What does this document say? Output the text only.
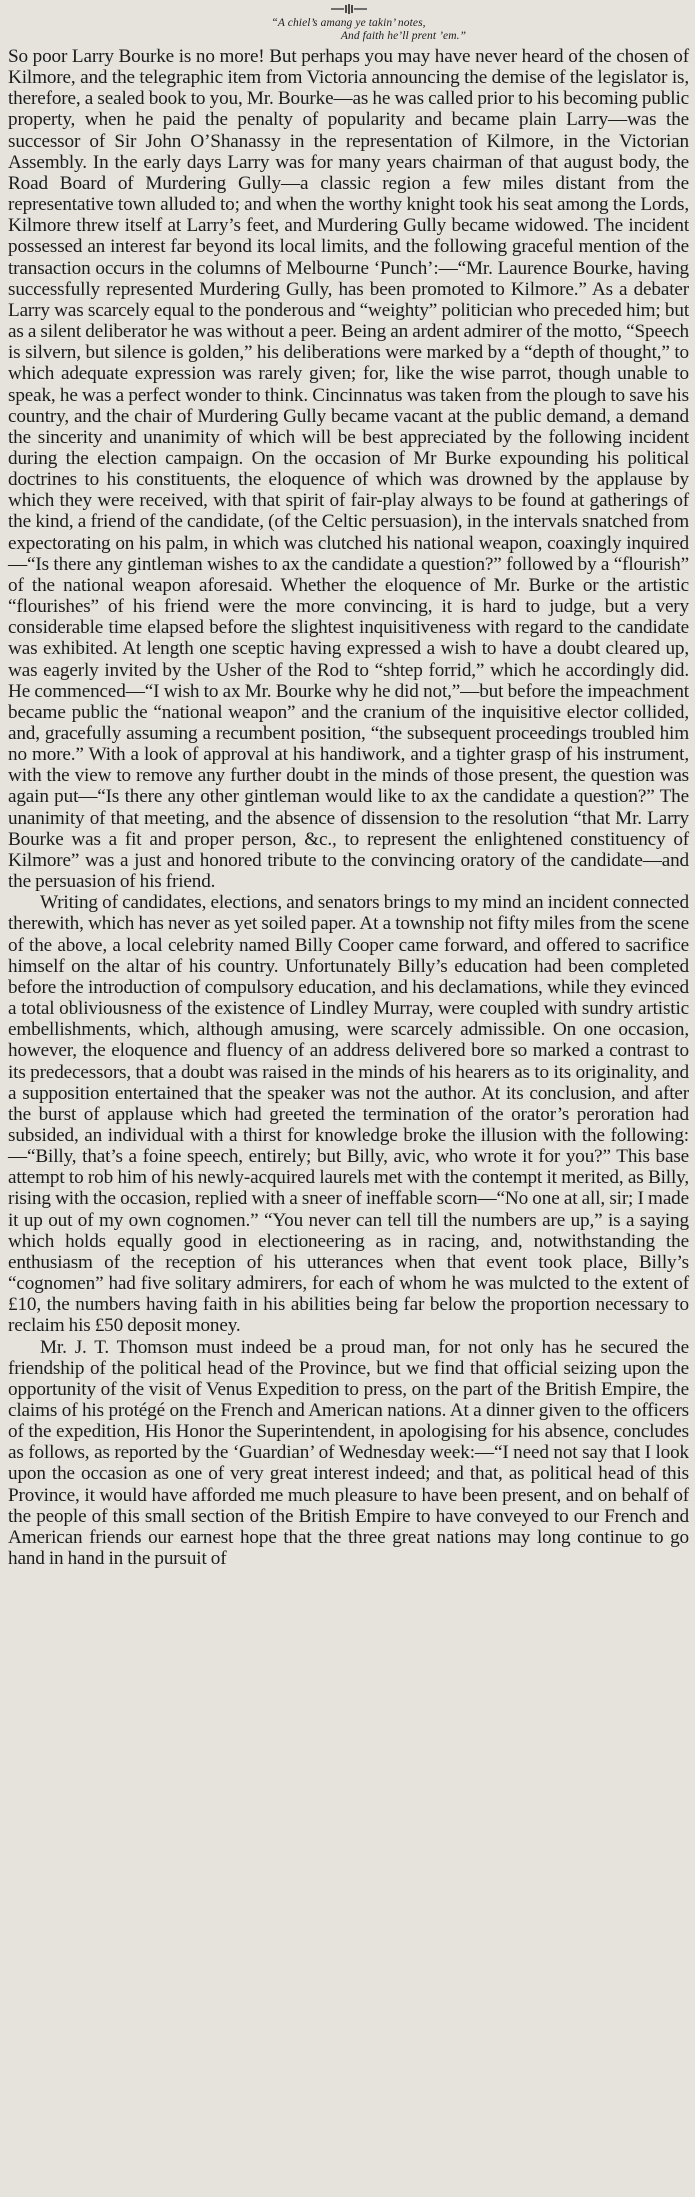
“A chiel’s amang ye takin’ notes,
And faith he’ll prent ’em.”

So poor Larry Bourke is no more! But perhaps you may have never heard of the chosen of Kilmore, and the telegraphic item from Victoria announcing the demise of the legislator is, therefore, a sealed book to you, Mr. Bourke—as he was called prior to his becoming public property, when he paid the penalty of popularity and became plain Larry—was the successor of Sir John O’Shanassy in the representation of Kilmore, in the Victorian Assembly. In the early days Larry was for many years chairman of that august body, the Road Board of Murdering Gully—a classic region a few miles distant from the representative town alluded to; and when the worthy knight took his seat among the Lords, Kilmore threw itself at Larry’s feet, and Murdering Gully became widowed. The incident possessed an interest far beyond its local limits, and the following graceful mention of the transaction occurs in the columns of Melbourne ‘Punch’:—“Mr. Laurence Bourke, having successfully represented Murdering Gully, has been promoted to Kilmore.” As a debater Larry was scarcely equal to the ponderous and “weighty” politician who preceded him; but as a silent deliberator he was without a peer. Being an ardent admirer of the motto, “Speech is silvern, but silence is golden,” his deliberations were marked by a “depth of thought,” to which adequate expression was rarely given; for, like the wise parrot, though unable to speak, he was a perfect wonder to think. Cincinnatus was taken from the plough to save his country, and the chair of Murdering Gully became vacant at the public demand, a demand the sincerity and unanimity of which will be best appreciated by the following incident during the election campaign. On the occasion of Mr Burke expounding his political doctrines to his constituents, the eloquence of which was drowned by the applause by which they were received, with that spirit of fair-play always to be found at gatherings of the kind, a friend of the candidate, (of the Celtic persuasion), in the intervals snatched from expectorating on his palm, in which was clutched his national weapon, coaxingly inquired—“Is there any gintleman wishes to ax the candidate a question?” followed by a “flourish” of the national weapon aforesaid. Whether the eloquence of Mr. Burke or the artistic “flourishes” of his friend were the more convincing, it is hard to judge, but a very considerable time elapsed before the slightest inquisitiveness with regard to the candidate was exhibited. At length one sceptic having expressed a wish to have a doubt cleared up, was eagerly invited by the Usher of the Rod to “shtep forrid,” which he accordingly did. He commenced—“I wish to ax Mr. Bourke why he did not,”—but before the impeachment became public the “national weapon” and the cranium of the inquisitive elector collided, and, gracefully assuming a recumbent position, “the subsequent proceedings troubled him no more.” With a look of approval at his handiwork, and a tighter grasp of his instrument, with the view to remove any further doubt in the minds of those present, the question was again put—“Is there any other gintleman would like to ax the candidate a question?” The unanimity of that meeting, and the absence of dissension to the resolution “that Mr. Larry Bourke was a fit and proper person, &c., to represent the enlightened constituency of Kilmore” was a just and honored tribute to the convincing oratory of the candidate—and the persuasion of his friend.

Writing of candidates, elections, and senators brings to my mind an incident connected therewith, which has never as yet soiled paper. At a township not fifty miles from the scene of the above, a local celebrity named Billy Cooper came forward, and offered to sacrifice himself on the altar of his country. Unfortunately Billy’s education had been completed before the introduction of compulsory education, and his declamations, while they evinced a total obliviousness of the existence of Lindley Murray, were coupled with sundry artistic embellishments, which, although amusing, were scarcely admissible. On one occasion, however, the eloquence and fluency of an address delivered bore so marked a contrast to its predecessors, that a doubt was raised in the minds of his hearers as to its originality, and a supposition entertained that the speaker was not the author. At its conclusion, and after the burst of applause which had greeted the termination of the orator’s peroration had subsided, an individual with a thirst for knowledge broke the illusion with the following:—“Billy, that’s a foine speech, entirely; but Billy, avic, who wrote it for you?” This base attempt to rob him of his newly-acquired laurels met with the contempt it merited, as Billy, rising with the occasion, replied with a sneer of ineffable scorn—“No one at all, sir; I made it up out of my own cognomen.” “You never can tell till the numbers are up,” is a saying which holds equally good in electioneering as in racing, and, notwithstanding the enthusiasm of the reception of his utterances when that event took place, Billy’s “cognomen” had five solitary admirers, for each of whom he was mulcted to the extent of £10, the numbers having faith in his abilities being far below the proportion necessary to reclaim his £50 deposit money.

Mr. J. T. Thomson must indeed be a proud man, for not only has he secured the friendship of the political head of the Province, but we find that official seizing upon the opportunity of the visit of Venus Expedition to press, on the part of the British Empire, the claims of his protégé on the French and American nations. At a dinner given to the officers of the expedition, His Honor the Superintendent, in apologising for his absence, concludes as follows, as reported by the ‘Guardian’ of Wednesday week:—“I need not say that I look upon the occasion as one of very great interest indeed; and that, as political head of this Province, it would have afforded me much pleasure to have been present, and on behalf of the people of this small section of the British Empire to have conveyed to our French and American friends our earnest hope that the three great nations may long continue to go hand in hand in the pursuit of
